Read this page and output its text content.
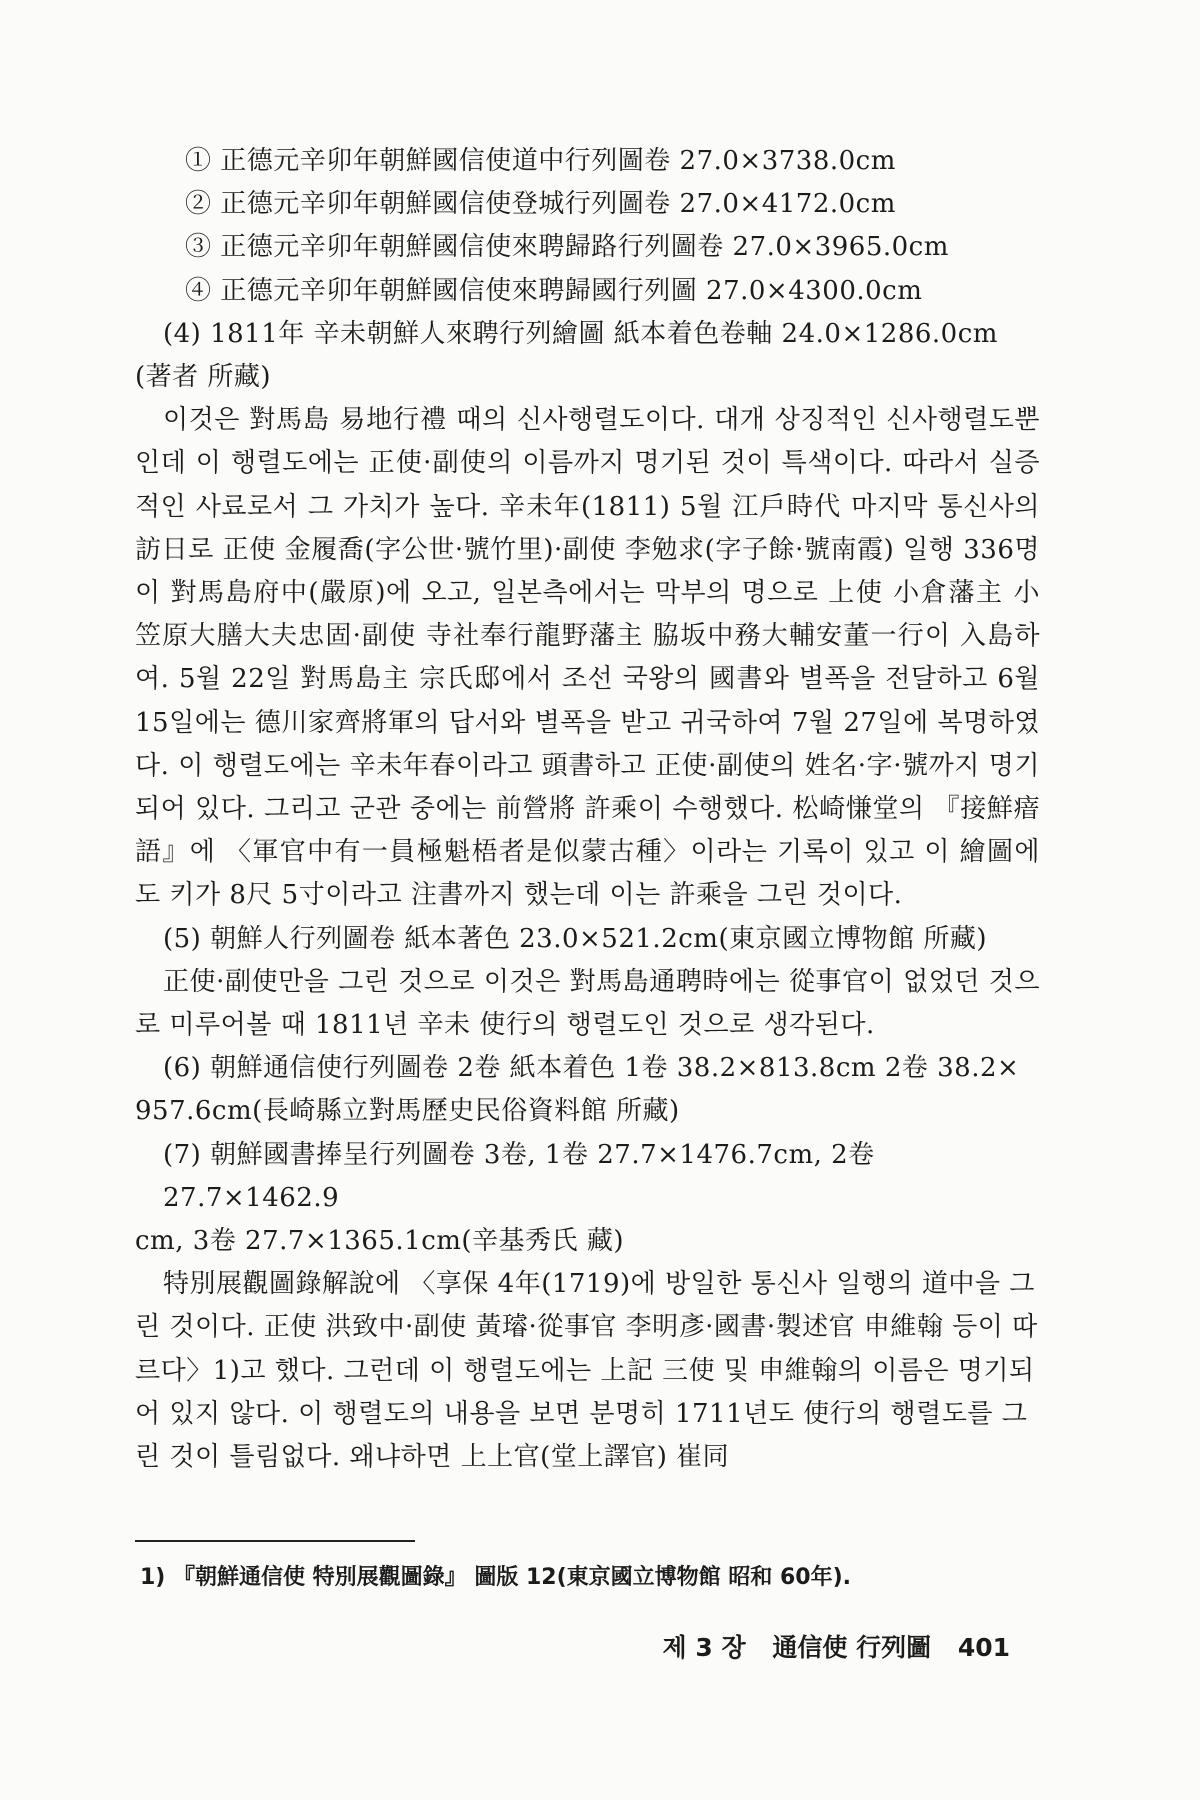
① 正德元辛卯年朝鮮國信使道中行列圖卷 27.0×3738.0cm
② 正德元辛卯年朝鮮國信使登城行列圖卷 27.0×4172.0cm
③ 正德元辛卯年朝鮮國信使來聘歸路行列圖卷 27.0×3965.0cm
④ 正德元辛卯年朝鮮國信使來聘歸國行列圖 27.0×4300.0cm
(4) 1811年 辛未朝鮮人來聘行列繪圖 紙本着色卷軸 24.0×1286.0cm
(著者 所藏)
이것은 對馬島 易地行禮 때의 신사행렬도이다. 대개 상징적인 신사행렬도뿐인데 이 행렬도에는 正使·副使의 이름까지 명기된 것이 특색이다. 따라서 실증적인 사료로서 그 가치가 높다. 辛未年(1811) 5월 江戶時代 마지막 통신사의 訪日로 正使 金履喬(字公世·號竹里)·副使 李勉求(字子餘·號南霞) 일행 336명이 對馬島府中(嚴原)에 오고, 일본측에서는 막부의 명으로 上使 小倉藩主 小笠原大膳大夫忠固·副使 寺社奉行龍野藩主 脇坂中務大輔安董一行이 入島하여. 5월 22일 對馬島主 宗氏邸에서 조선 국왕의 國書와 별폭을 전달하고 6월 15일에는 德川家齊將軍의 답서와 별폭을 받고 귀국하여 7월 27일에 복명하였다. 이 행렬도에는 辛未年春이라고 頭書하고 正使·副使의 姓名·字·號까지 명기되어 있다. 그리고 군관 중에는 前營將 許乘이 수행했다. 松崎慊堂의 『接鮮瘖語』에 〈軍官中有一員極魁梧者是似蒙古種〉이라는 기록이 있고 이 繪圖에도 키가 8尺 5寸이라고 注書까지 했는데 이는 許乘을 그린 것이다.
(5) 朝鮮人行列圖卷 紙本著色 23.0×521.2cm(東京國立博物館 所藏)
正使·副使만을 그린 것으로 이것은 對馬島通聘時에는 從事官이 없었던 것으로 미루어볼 때 1811년 辛未 使行의 행렬도인 것으로 생각된다.
(6) 朝鮮通信使行列圖卷 2卷 紙本着色 1卷 38.2×813.8cm 2卷 38.2×
957.6cm(長崎縣立對馬歷史民俗資料館 所藏)
(7) 朝鮮國書捧呈行列圖卷 3卷, 1卷 27.7×1476.7cm, 2卷 27.7×1462.9
cm, 3卷 27.7×1365.1cm(辛基秀氏 藏)
特別展觀圖錄解說에 〈享保 4年(1719)에 방일한 통신사 일행의 道中을 그린 것이다. 正使 洪致中·副使 黃璿·從事官 李明彥·國書·製述官 申維翰 등이 따르다〉1)고 했다. 그런데 이 행렬도에는 上記 三使 및 申維翰의 이름은 명기되어 있지 않다. 이 행렬도의 내용을 보면 분명히 1711년도 使行의 행렬도를 그린 것이 틀림없다. 왜냐하면 上上官(堂上譯官) 崔同
1) 『朝鮮通信使 特別展觀圖錄』 圖版 12(東京國立博物館 昭和 60年).
제 3 장 通信使 行列圖 401
